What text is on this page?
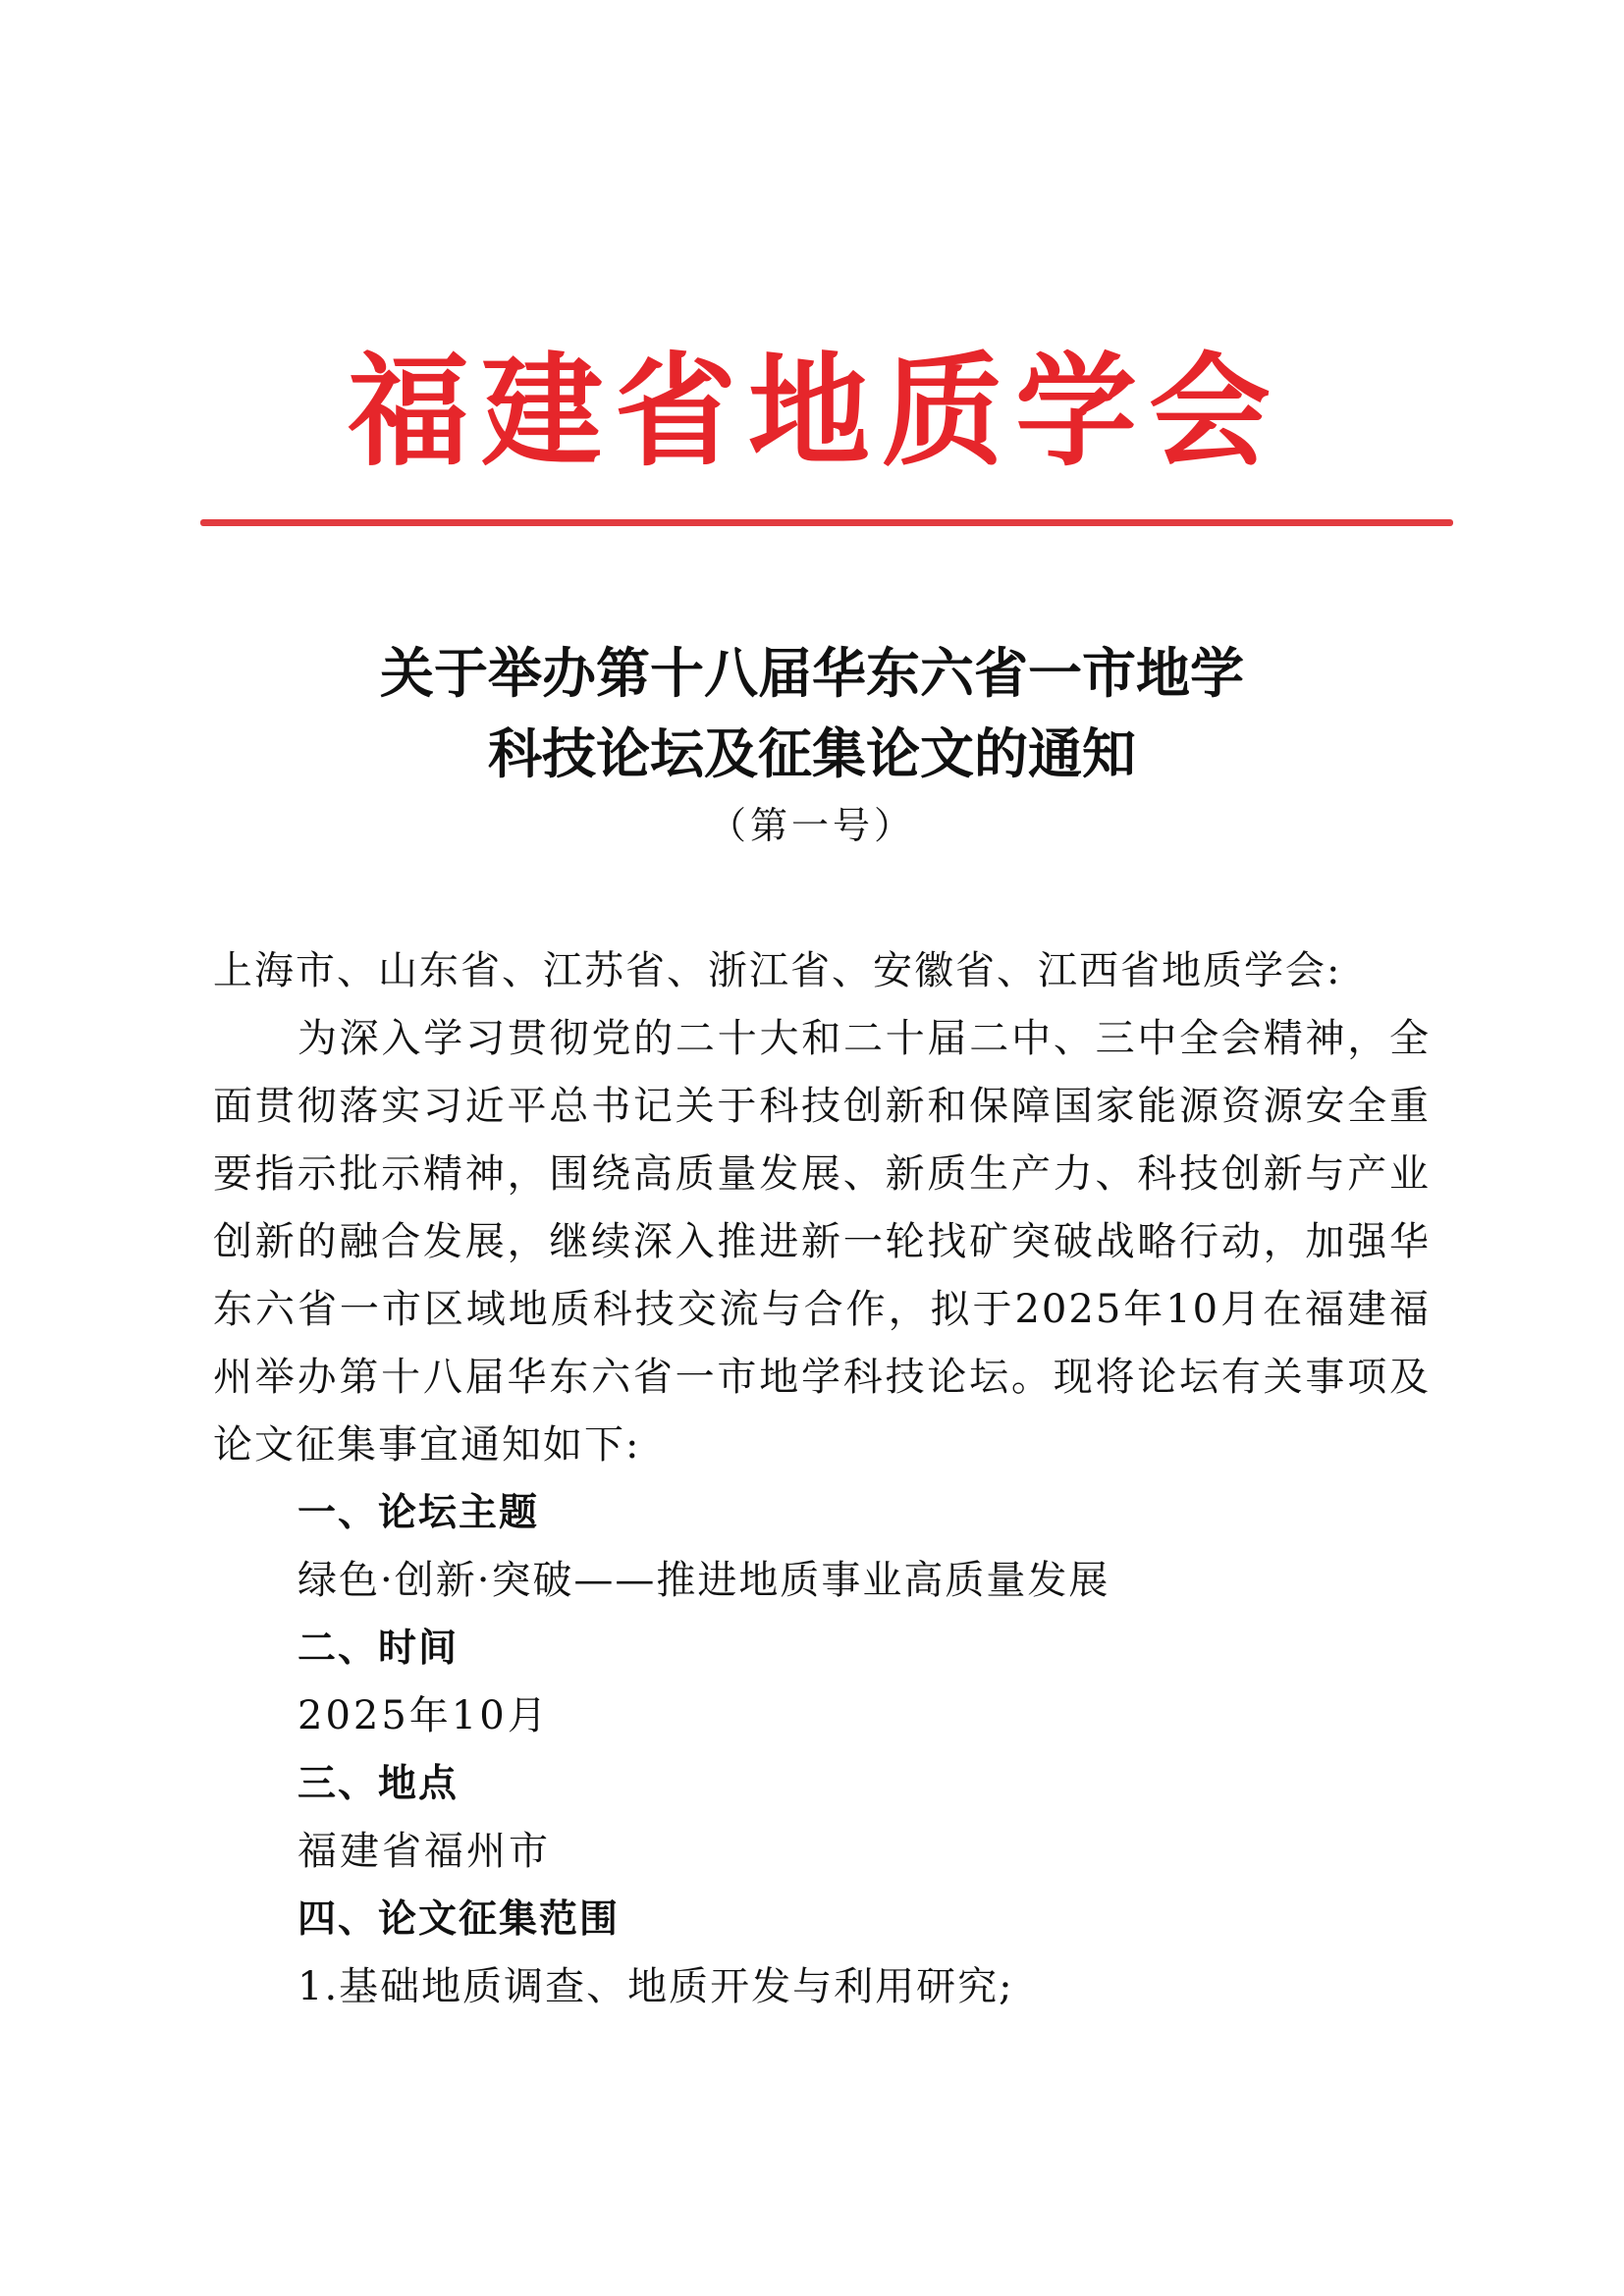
福建省地质学会
关于举办第十八届华东六省一市地学
科技论坛及征集论文的通知
（第一号）
上海市、山东省、江苏省、浙江省、安徽省、江西省地质学会:

为深入学习贯彻党的二十大和二十届二中、三中全会精神，全面贯彻落实习近平总书记关于科技创新和保障国家能源资源安全重要指示批示精神，围绕高质量发展、新质生产力、科技创新与产业创新的融合发展，继续深入推进新一轮找矿突破战略行动，加强华东六省一市区域地质科技交流与合作，拟于2025年10月在福建福州举办第十八届华东六省一市地学科技论坛。现将论坛有关事项及论文征集事宜通知如下:

一、论坛主题
绿色·创新·突破——推进地质事业高质量发展
二、时间
2025年10月
三、地点
福建省福州市
四、论文征集范围
1.基础地质调查、地质开发与利用研究;
